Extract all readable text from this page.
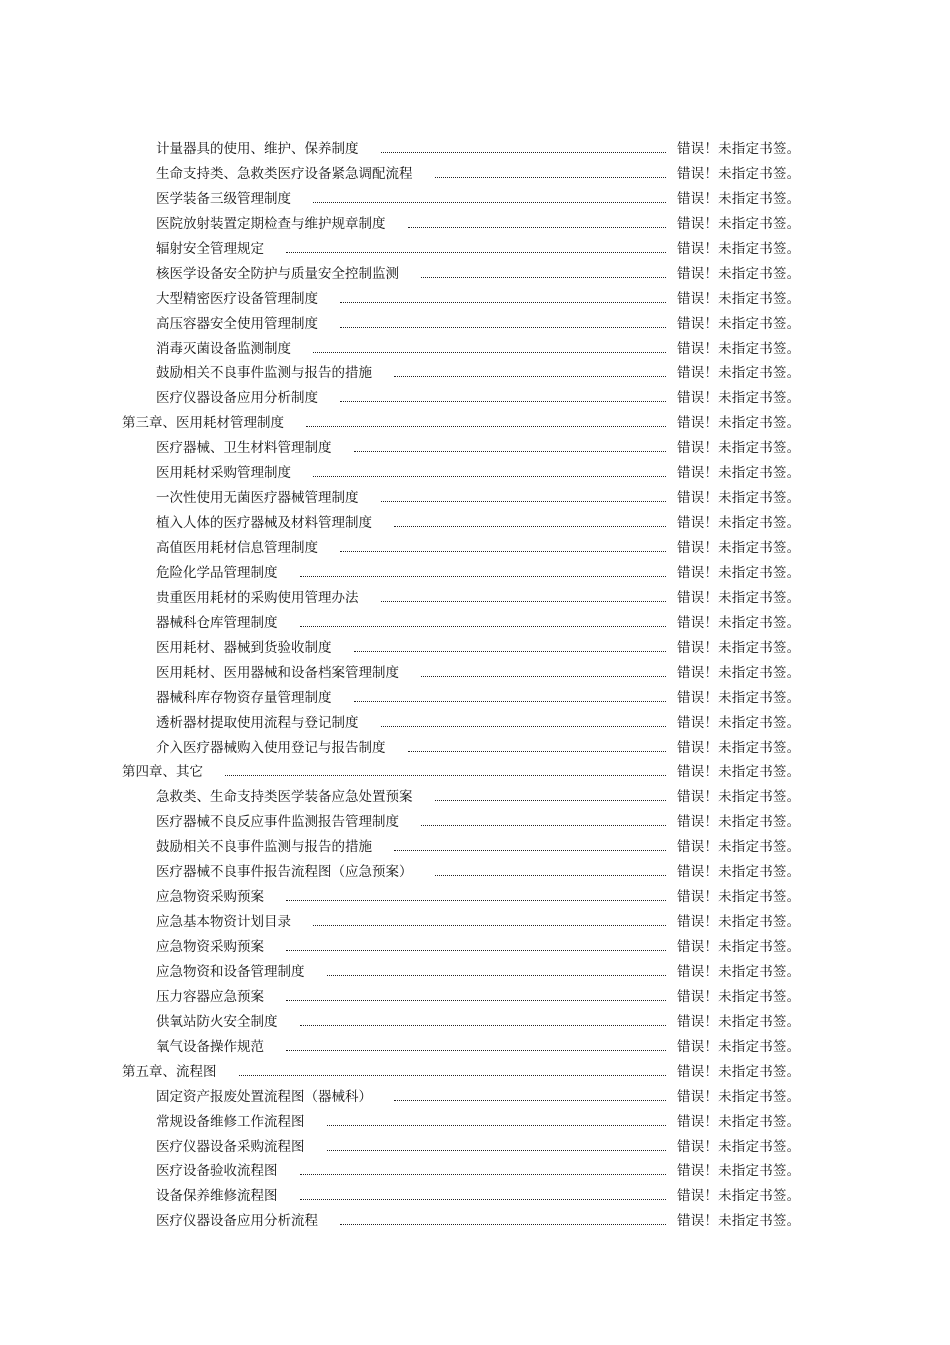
计量器具的使用、维护、保养制度	错误！未指定书签。
生命支持类、急救类医疗设备紧急调配流程	错误！未指定书签。
医学装备三级管理制度	错误！未指定书签。
医院放射装置定期检查与维护规章制度	错误！未指定书签。
辐射安全管理规定	错误！未指定书签。
核医学设备安全防护与质量安全控制监测	错误！未指定书签。
大型精密医疗设备管理制度	错误！未指定书签。
高压容器安全使用管理制度	错误！未指定书签。
消毒灭菌设备监测制度	错误！未指定书签。
鼓励相关不良事件监测与报告的措施	错误！未指定书签。
医疗仪器设备应用分析制度	错误！未指定书签。
第三章、医用耗材管理制度	错误！未指定书签。
医疗器械、卫生材料管理制度	错误！未指定书签。
医用耗材采购管理制度	错误！未指定书签。
一次性使用无菌医疗器械管理制度	错误！未指定书签。
植入人体的医疗器械及材料管理制度	错误！未指定书签。
高值医用耗材信息管理制度	错误！未指定书签。
危险化学品管理制度	错误！未指定书签。
贵重医用耗材的采购使用管理办法	错误！未指定书签。
器械科仓库管理制度	错误！未指定书签。
医用耗材、器械到货验收制度	错误！未指定书签。
医用耗材、医用器械和设备档案管理制度	错误！未指定书签。
器械科库存物资存量管理制度	错误！未指定书签。
透析器材提取使用流程与登记制度	错误！未指定书签。
介入医疗器械购入使用登记与报告制度	错误！未指定书签。
第四章、其它	错误！未指定书签。
急救类、生命支持类医学装备应急处置预案	错误！未指定书签。
医疗器械不良反应事件监测报告管理制度	错误！未指定书签。
鼓励相关不良事件监测与报告的措施	错误！未指定书签。
医疗器械不良事件报告流程图（应急预案）	错误！未指定书签。
应急物资采购预案	错误！未指定书签。
应急基本物资计划目录	错误！未指定书签。
应急物资采购预案	错误！未指定书签。
应急物资和设备管理制度	错误！未指定书签。
压力容器应急预案	错误！未指定书签。
供氧站防火安全制度	错误！未指定书签。
氧气设备操作规范	错误！未指定书签。
第五章、流程图	错误！未指定书签。
固定资产报废处置流程图（器械科）	错误！未指定书签。
常规设备维修工作流程图	错误！未指定书签。
医疗仪器设备采购流程图	错误！未指定书签。
医疗设备验收流程图	错误！未指定书签。
设备保养维修流程图	错误！未指定书签。
医疗仪器设备应用分析流程	错误！未指定书签。
